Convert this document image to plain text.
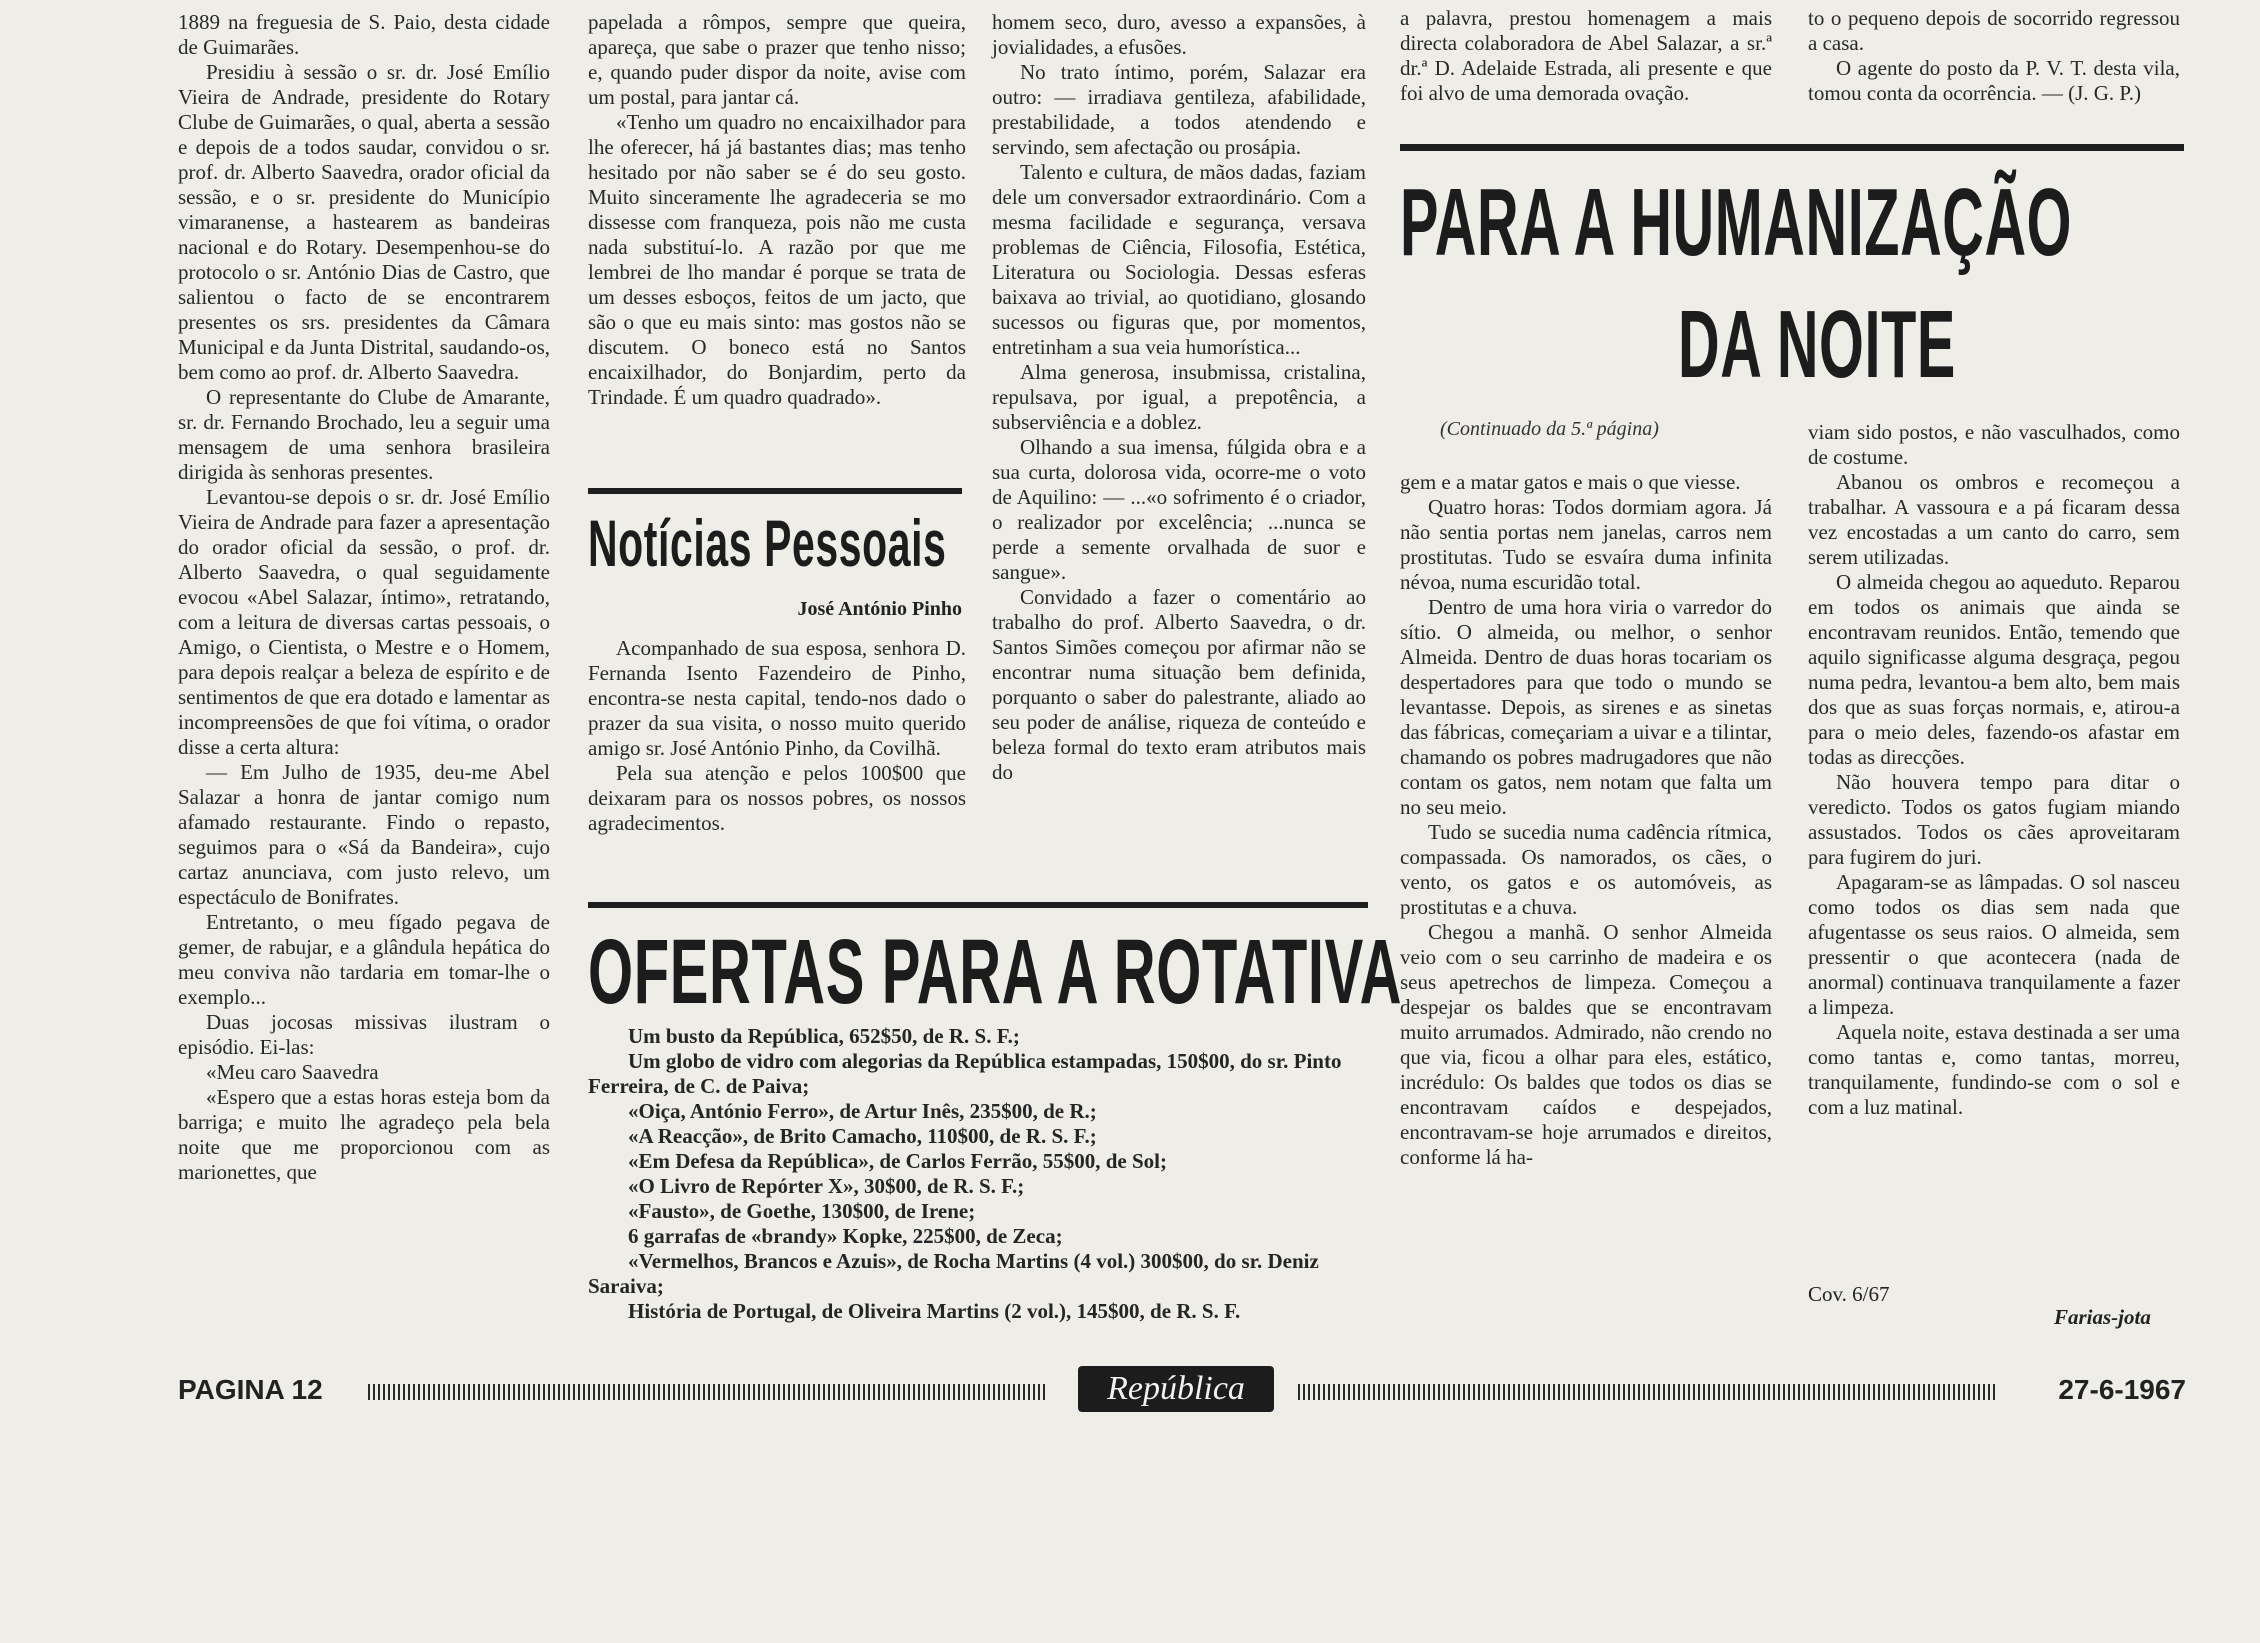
1889 na freguesia de S. Paio, desta cidade de Guimarães.

Presidiu à sessão o sr. dr. José Emílio Vieira de Andrade, presidente do Rotary Clube de Guimarães, o qual, aberta a sessão e depois de a todos saudar, convidou o sr. prof. dr. Alberto Saavedra, orador oficial da sessão, e o sr. presidente do Município vimaranense, a hastearem as bandeiras nacional e do Rotary. Desempenhou-se do protocolo o sr. António Dias de Castro, que salientou o facto de se encontrarem presentes os srs. presidentes da Câmara Municipal e da Junta Distrital, saudando-os, bem como ao prof. dr. Alberto Saavedra.

O representante do Clube de Amarante, sr. dr. Fernando Brochado, leu a seguir uma mensagem de uma senhora brasileira dirigida às senhoras presentes.

Levantou-se depois o sr. dr. José Emílio Vieira de Andrade para fazer a apresentação do orador oficial da sessão, o prof. dr. Alberto Saavedra, o qual seguidamente evocou «Abel Salazar, íntimo», retratando, com a leitura de diversas cartas pessoais, o Amigo, o Cientista, o Mestre e o Homem, para depois realçar a beleza de espírito e de sentimentos de que era dotado e lamentar as incompreensões de que foi vítima, o orador disse a certa altura:

— Em Julho de 1935, deu-me Abel Salazar a honra de jantar comigo num afamado restaurante. Findo o repasto, seguimos para o «Sá da Bandeira», cujo cartaz anunciava, com justo relevo, um espectáculo de Bonifrates.

Entretanto, o meu fígado pegava de gemer, de rabujar, e a glândula hepática do meu conviva não tardaria em tomar-lhe o exemplo...

Duas jocosas missivas ilustram o episódio. Ei-las:

«Meu caro Saavedra

«Espero que a estas horas esteja bom da barriga; e muito lhe agradeço pela bela noite que me proporcionou com as marionettes, que

papelada a rômpos, sempre que queira, apareça, que sabe o prazer que tenho nisso; e, quando puder dispor da noite, avise com um postal, para jantar cá.

«Tenho um quadro no encaixilhador para lhe oferecer, há já bastantes dias; mas tenho hesitado por não saber se é do seu gosto. Muito sinceramente lhe agradeceria se mo dissesse com franqueza, pois não me custa nada substituí-lo. A razão por que me lembrei de lho mandar é porque se trata de um desses esboços, feitos de um jacto, que são o que eu mais sinto: mas gostos não se discutem. O boneco está no Santos encaixilhador, do Bonjardim, perto da Trindade. É um quadro quadrado».

Notícias Pessoais
José António Pinho

Acompanhado de sua esposa, senhora D. Fernanda Isento Fazendeiro de Pinho, encontra-se nesta capital, tendo-nos dado o prazer da sua visita, o nosso muito querido amigo sr. José António Pinho, da Covilhã.

Pela sua atenção e pelos 100$00 que deixaram para os nossos pobres, os nossos agradecimentos.

homem seco, duro, avesso a expansões, à jovialidades, a efusões.

No trato íntimo, porém, Salazar era outro: — irradiava gentileza, afabilidade, prestabilidade, a todos atendendo e servindo, sem afectação ou prosápia.

Talento e cultura, de mãos dadas, faziam dele um conversador extraordinário. Com a mesma facilidade e segurança, versava problemas de Ciência, Filosofia, Estética, Literatura ou Sociologia. Dessas esferas baixava ao trivial, ao quotidiano, glosando sucessos ou figuras que, por momentos, entretinham a sua veia humorística...

Alma generosa, insubmissa, cristalina, repulsava, por igual, a prepotência, a subserviência e a doblez.

Olhando a sua imensa, fúlgida obra e a sua curta, dolorosa vida, ocorre-me o voto de Aquilino: — ...«o sofrimento é o criador, o realizador por excelência; ...nunca se perde a semente orvalhada de suor e sangue».

Convidado a fazer o comentário ao trabalho do prof. Alberto Saavedra, o dr. Santos Simões começou por afirmar não se encontrar numa situação bem definida, porquanto o saber do palestrante, aliado ao seu poder de análise, riqueza de conteúdo e beleza formal do texto eram atributos mais do

a palavra, prestou homenagem a mais directa colaboradora de Abel Salazar, a sr.ª dr.ª D. Adelaide Estrada, ali presente e que foi alvo de uma demorada ovação.

to o pequeno depois de socorrido regressou a casa.

O agente do posto da P. V. T. desta vila, tomou conta da ocorrência. — (J. G. P.)

PARA A HUMANIZAÇÃO
DA NOITE
(Continuado da 5.ª página)

gem e a matar gatos e mais o que viesse.

Quatro horas: Todos dormiam agora. Já não sentia portas nem janelas, carros nem prostitutas. Tudo se esvaíra duma infinita névoa, numa escuridão total.

Dentro de uma hora viria o varredor do sítio. O almeida, ou melhor, o senhor Almeida. Dentro de duas horas tocariam os despertadores para que todo o mundo se levantasse. Depois, as sirenes e as sinetas das fábricas, começariam a uivar e a tilintar, chamando os pobres madrugadores que não contam os gatos, nem notam que falta um no seu meio.

Tudo se sucedia numa cadência rítmica, compassada. Os namorados, os cães, o vento, os gatos e os automóveis, as prostitutas e a chuva.

Chegou a manhã. O senhor Almeida veio com o seu carrinho de madeira e os seus apetrechos de limpeza. Começou a despejar os baldes que se encontravam muito arrumados. Admirado, não crendo no que via, ficou a olhar para eles, estático, incrédulo: Os baldes que todos os dias se encontravam caídos e despejados, encontravam-se hoje arrumados e direitos, conforme lá ha-

viam sido postos, e não vasculhados, como de costume.

Abanou os ombros e recomeçou a trabalhar. A vassoura e a pá ficaram dessa vez encostadas a um canto do carro, sem serem utilizadas.

O almeida chegou ao aqueduto. Reparou em todos os animais que ainda se encontravam reunidos. Então, temendo que aquilo significasse alguma desgraça, pegou numa pedra, levantou-a bem alto, bem mais dos que as suas forças normais, e, atirou-a para o meio deles, fazendo-os afastar em todas as direcções.

Não houvera tempo para ditar o veredicto. Todos os gatos fugiam miando assustados. Todos os cães aproveitaram para fugirem do juri.

Apagaram-se as lâmpadas. O sol nasceu como todos os dias sem nada que afugentasse os seus raios. O almeida, sem pressentir o que acontecera (nada de anormal) continuava tranquilamente a fazer a limpeza.

Aquela noite, estava destinada a ser uma como tantas e, como tantas, morreu, tranquilamente, fundindo-se com o sol e com a luz matinal.

Cov. 6/67
Farias-jota
OFERTAS PARA A ROTATIVA

Um busto da República, 652$50, de R. S. F.;

Um globo de vidro com alegorias da República estampadas, 150$00, do sr. Pinto Ferreira, de C. de Paiva;

«Oiça, António Ferro», de Artur Inês, 235$00, de R.;

«A Reacção», de Brito Camacho, 110$00, de R. S. F.;

«Em Defesa da República», de Carlos Ferrão, 55$00, de Sol;

«O Livro de Repórter X», 30$00, de R. S. F.;

«Fausto», de Goethe, 130$00, de Irene;

6 garrafas de «brandy» Kopke, 225$00, de Zeca;

«Vermelhos, Brancos e Azuis», de Rocha Martins (4 vol.) 300$00, do sr. Deniz Saraiva;

História de Portugal, de Oliveira Martins (2 vol.), 145$00, de R. S. F.

PAGINA 12	República	27-6-1967
